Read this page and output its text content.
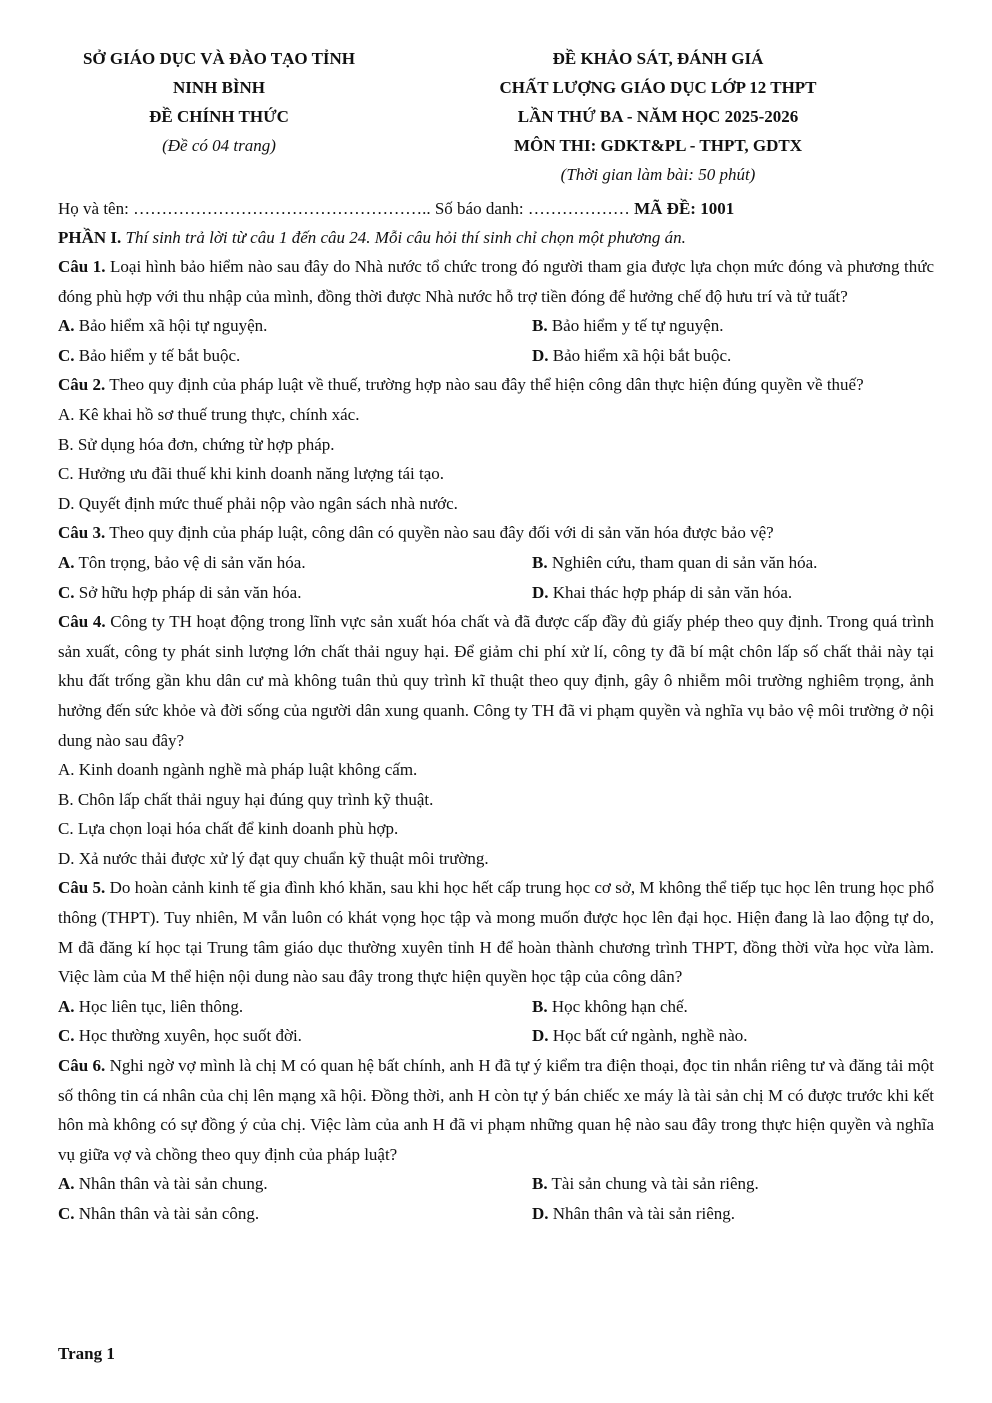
SỞ GIÁO DỤC VÀ ĐÀO TẠO TỈNH
NINH BÌNH
ĐỀ CHÍNH THỨC
(Đề có 04 trang)
ĐỀ KHẢO SÁT, ĐÁNH GIÁ
CHẤT LƯỢNG GIÁO DỤC LỚP 12 THPT
LẦN THỨ BA - NĂM HỌC 2025-2026
MÔN THI: GDKT&PL - THPT, GDTX
(Thời gian làm bài: 50 phút)
Họ và tên: …………………………………………….. Số báo danh: ……………… MÃ ĐỀ: 1001
PHẦN I. Thí sinh trả lời từ câu 1 đến câu 24. Mỗi câu hỏi thí sinh chỉ chọn một phương án.
Câu 1. Loại hình bảo hiểm nào sau đây do Nhà nước tổ chức trong đó người tham gia được lựa chọn mức đóng và phương thức đóng phù hợp với thu nhập của mình, đồng thời được Nhà nước hỗ trợ tiền đóng để hưởng chế độ hưu trí và tử tuất?
A. Bảo hiểm xã hội tự nguyện.	B. Bảo hiểm y tế tự nguyện.
C. Bảo hiểm y tế bắt buộc.	D. Bảo hiểm xã hội bắt buộc.
Câu 2. Theo quy định của pháp luật về thuế, trường hợp nào sau đây thể hiện công dân thực hiện đúng quyền về thuế?
A. Kê khai hồ sơ thuế trung thực, chính xác.
B. Sử dụng hóa đơn, chứng từ hợp pháp.
C. Hưởng ưu đãi thuế khi kinh doanh năng lượng tái tạo.
D. Quyết định mức thuế phải nộp vào ngân sách nhà nước.
Câu 3. Theo quy định của pháp luật, công dân có quyền nào sau đây đối với di sản văn hóa được bảo vệ?
A. Tôn trọng, bảo vệ di sản văn hóa.	B. Nghiên cứu, tham quan di sản văn hóa.
C. Sở hữu hợp pháp di sản văn hóa.	D. Khai thác hợp pháp di sản văn hóa.
Câu 4. Công ty TH hoạt động trong lĩnh vực sản xuất hóa chất và đã được cấp đầy đủ giấy phép theo quy định. Trong quá trình sản xuất, công ty phát sinh lượng lớn chất thải nguy hại. Để giảm chi phí xử lí, công ty đã bí mật chôn lấp số chất thải này tại khu đất trống gần khu dân cư mà không tuân thủ quy trình kĩ thuật theo quy định, gây ô nhiễm môi trường nghiêm trọng, ảnh hưởng đến sức khỏe và đời sống của người dân xung quanh. Công ty TH đã vi phạm quyền và nghĩa vụ bảo vệ môi trường ở nội dung nào sau đây?
A. Kinh doanh ngành nghề mà pháp luật không cấm.
B. Chôn lấp chất thải nguy hại đúng quy trình kỹ thuật.
C. Lựa chọn loại hóa chất để kinh doanh phù hợp.
D. Xả nước thải được xử lý đạt quy chuẩn kỹ thuật môi trường.
Câu 5. Do hoàn cảnh kinh tế gia đình khó khăn, sau khi học hết cấp trung học cơ sở, M không thể tiếp tục học lên trung học phổ thông (THPT). Tuy nhiên, M vẫn luôn có khát vọng học tập và mong muốn được học lên đại học. Hiện đang là lao động tự do, M đã đăng kí học tại Trung tâm giáo dục thường xuyên tỉnh H để hoàn thành chương trình THPT, đồng thời vừa học vừa làm. Việc làm của M thể hiện nội dung nào sau đây trong thực hiện quyền học tập của công dân?
A. Học liên tục, liên thông.	B. Học không hạn chế.
C. Học thường xuyên, học suốt đời.	D. Học bất cứ ngành, nghề nào.
Câu 6. Nghi ngờ vợ mình là chị M có quan hệ bất chính, anh H đã tự ý kiểm tra điện thoại, đọc tin nhắn riêng tư và đăng tải một số thông tin cá nhân của chị lên mạng xã hội. Đồng thời, anh H còn tự ý bán chiếc xe máy là tài sản chị M có được trước khi kết hôn mà không có sự đồng ý của chị. Việc làm của anh H đã vi phạm những quan hệ nào sau đây trong thực hiện quyền và nghĩa vụ giữa vợ và chồng theo quy định của pháp luật?
A. Nhân thân và tài sản chung.	B. Tài sản chung và tài sản riêng.
C. Nhân thân và tài sản công.	D. Nhân thân và tài sản riêng.
Trang 1
